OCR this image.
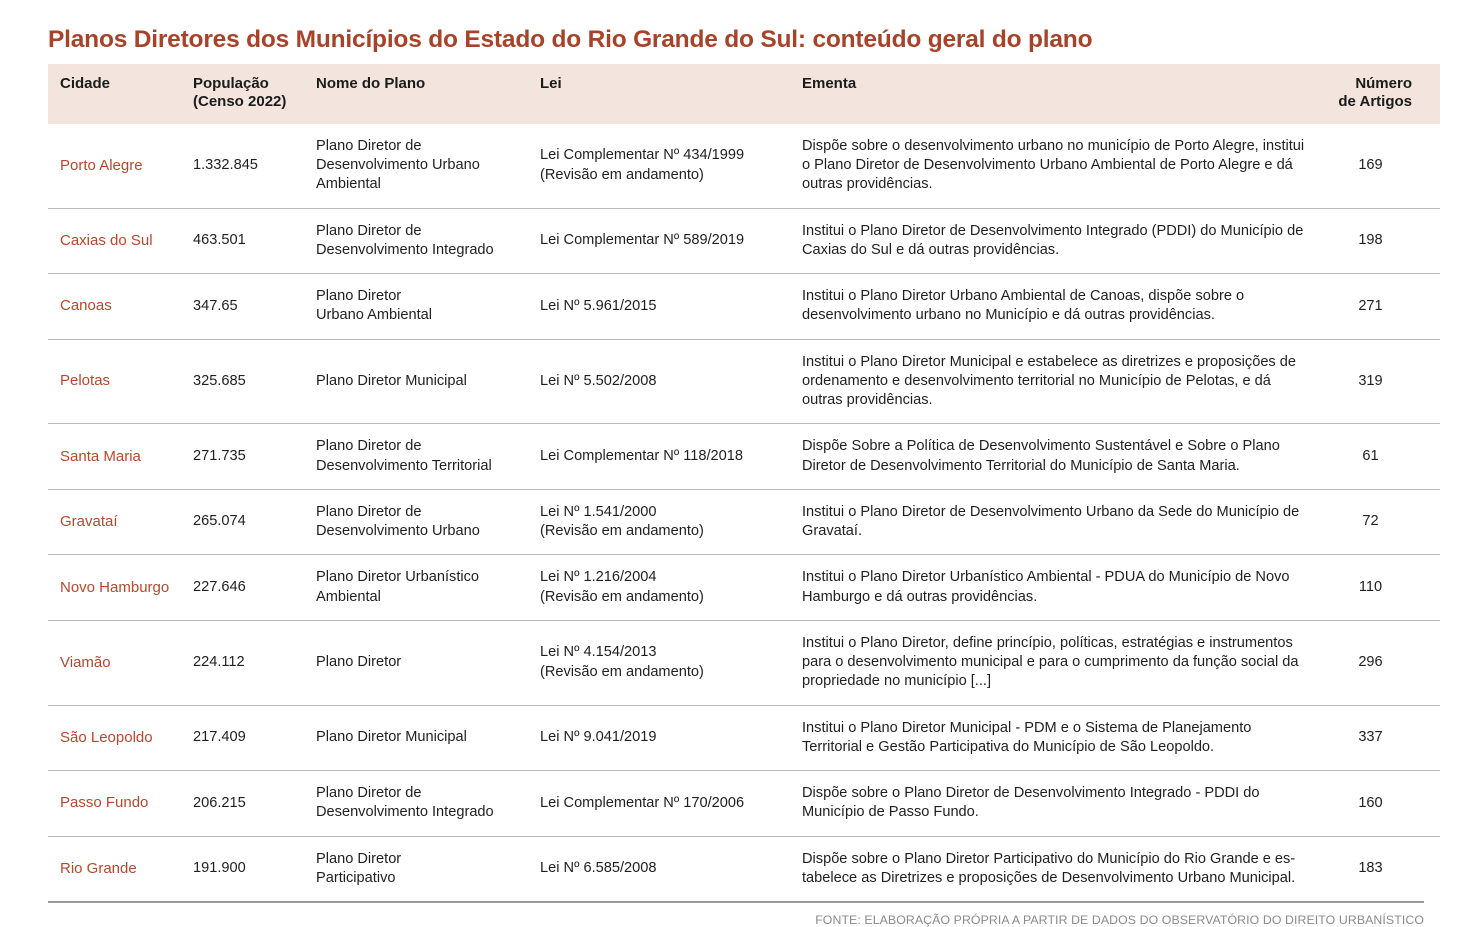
Planos Diretores dos Municípios do Estado do Rio Grande do Sul: conteúdo geral do plano
Cidade	População
(Censo 2022)	Nome do Plano	Lei	Ementa	Número
de Artigos

Porto Alegre	1.332.845	Plano Diretor de
Desenvolvimento Urbano
Ambiental	Lei Complementar Nº 434/1999
(Revisão em andamento)	Dispõe sobre o desenvolvimento urbano no município de Porto Alegre, institui o Plano Diretor de Desenvolvimento Urbano Ambiental de Porto Alegre e dá outras providências.	169
Caxias do Sul	463.501	Plano Diretor de
Desenvolvimento Integrado	Lei Complementar Nº 589/2019	Institui o Plano Diretor de Desenvolvimento Integrado (PDDI) do Município de Caxias do Sul e dá outras providências.	198
Canoas	347.65	Plano Diretor
Urbano Ambiental	Lei Nº 5.961/2015	Institui o Plano Diretor Urbano Ambiental de Canoas, dispõe sobre o desenvolvimento urbano no Município e dá outras providências.	271
Pelotas	325.685	Plano Diretor Municipal	Lei Nº 5.502/2008	Institui o Plano Diretor Municipal e estabelece as diretrizes e proposições de ordenamento e desenvolvimento territorial no Município de Pelotas, e dá outras providências.	319
Santa Maria	271.735	Plano Diretor de
Desenvolvimento Territorial	Lei Complementar Nº 118/2018	Dispõe Sobre a Política de Desenvolvimento Sustentável e Sobre o Plano Diretor de Desenvolvimento Territorial do Município de Santa Maria.	61
Gravataí	265.074	Plano Diretor de
Desenvolvimento Urbano	Lei Nº 1.541/2000
(Revisão em andamento)	Institui o Plano Diretor de Desenvolvimento Urbano da Sede do Município de Gravataí.	72
Novo Hamburgo	227.646	Plano Diretor Urbanístico
Ambiental	Lei Nº 1.216/2004
(Revisão em andamento)	Institui o Plano Diretor Urbanístico Ambiental - PDUA do Município de Novo Hamburgo e dá outras providências.	110
Viamão	224.112	Plano Diretor	Lei Nº 4.154/2013
(Revisão em andamento)	Institui o Plano Diretor, define princípio, políticas, estratégias e instrumentos para o desenvolvimento municipal e para o cumprimento da função social da propriedade no município [...]	296
São Leopoldo	217.409	Plano Diretor Municipal	Lei Nº 9.041/2019	Institui o Plano Diretor Municipal - PDM e o Sistema de Planejamento Territorial e Gestão Participativa do Município de São Leopoldo.	337
Passo Fundo	206.215	Plano Diretor de
Desenvolvimento Integrado	Lei Complementar Nº 170/2006	Dispõe sobre o Plano Diretor de Desenvolvimento Integrado - PDDI do Município de Passo Fundo.	160
Rio Grande	191.900	Plano Diretor
Participativo	Lei Nº 6.585/2008	Dispõe sobre o Plano Diretor Participativo do Município do Rio Grande e es-tabelece as Diretrizes e proposições de Desenvolvimento Urbano Municipal.	183
FONTE: ELABORAÇÃO PRÓPRIA A PARTIR DE DADOS DO OBSERVATÓRIO DO DIREITO URBANÍSTICO
